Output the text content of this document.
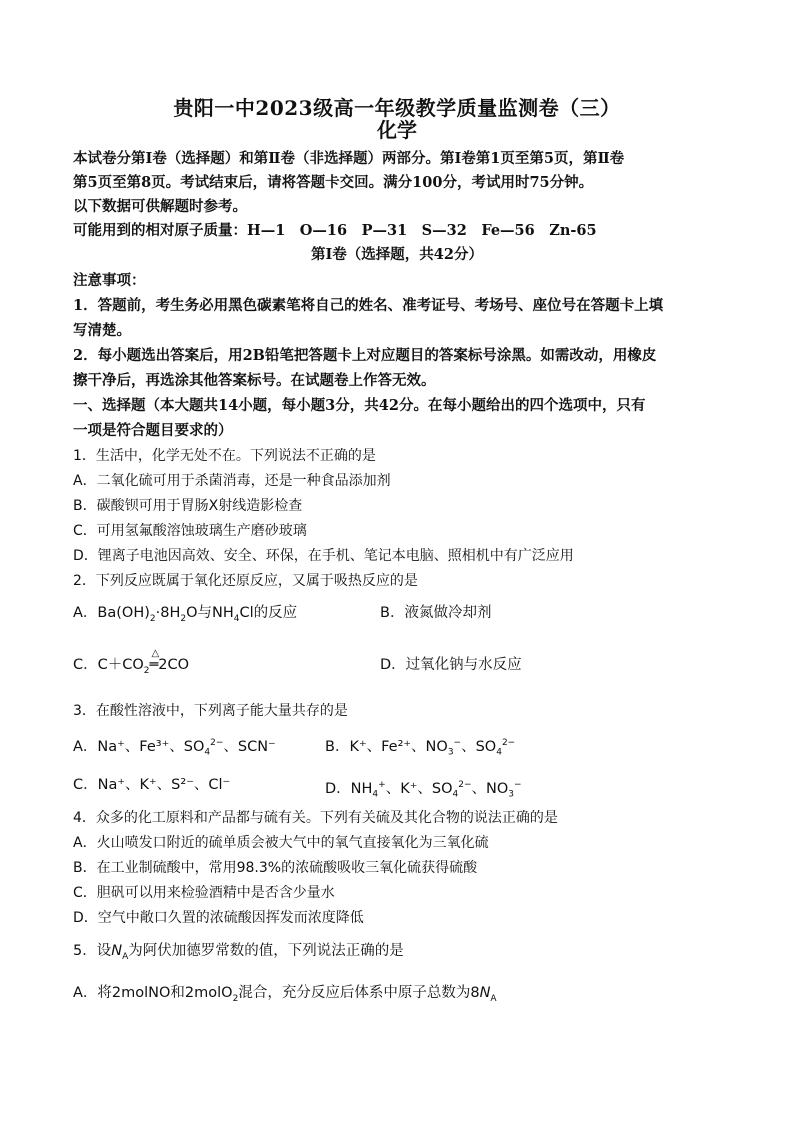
贵阳一中2023级高一年级教学质量监测卷（三）
化学
本试卷分第Ⅰ卷（选择题）和第Ⅱ卷（非选择题）两部分。第Ⅰ卷第1页至第5页，第Ⅱ卷
第5页至第8页。考试结束后，请将答题卡交回。满分100分，考试用时75分钟。
以下数据可供解题时参考。
可能用到的相对原子质量：H—1　O—16　P—31　S—32　Fe—56　Zn-65
第Ⅰ卷（选择题，共42分）
注意事项：
1．答题前，考生务必用黑色碳素笔将自己的姓名、准考证号、考场号、座位号在答题卡上填
写清楚。
2．每小题选出答案后，用2B铅笔把答题卡上对应题目的答案标号涂黑。如需改动，用橡皮
擦干净后，再选涂其他答案标号。在试题卷上作答无效。
一、选择题（本大题共14小题，每小题3分，共42分。在每小题给出的四个选项中，只有
一项是符合题目要求的）
1．生活中，化学无处不在。下列说法不正确的是
A．二氧化硫可用于杀菌消毒，还是一种食品添加剂
B．碳酸钡可用于胃肠X射线造影检查
C．可用氢氟酸溶蚀玻璃生产磨砂玻璃
D．锂离子电池因高效、安全、环保，在手机、笔记本电脑、照相机中有广泛应用
2．下列反应既属于氧化还原反应，又属于吸热反应的是
A．$Ba(OH)_2\cdot 8H_2O$与$NH_4Cl$的反应	B．液氮做冷却剂
C．$C+CO_2$
△
═2CO	D．过氧化钠与水反应
3．在酸性溶液中，下列离子能大量共存的是
A．Na⁺、Fe³⁺、$SO_4^{2-}$、SCN⁻	B．K⁺、Fe²⁺、$NO_3^-$、$SO_4^{2-}$
C．Na⁺、K⁺、S²⁻、Cl⁻	D．$NH_4^+$、K⁺、$SO_4^{2-}$、$NO_3^-$
4．众多的化工原料和产品都与硫有关。下列有关硫及其化合物的说法正确的是
A．火山喷发口附近的硫单质会被大气中的氧气直接氧化为三氧化硫
B．在工业制硫酸中，常用98.3%的浓硫酸吸收三氧化硫获得硫酸
C．胆矾可以用来检验酒精中是否含少量水
D．空气中敞口久置的浓硫酸因挥发而浓度降低
5．设$N_A$为阿伏加德罗常数的值，下列说法正确的是
A．将2molNO和2molO$_2$混合，充分反应后体系中原子总数为$8N_A$
